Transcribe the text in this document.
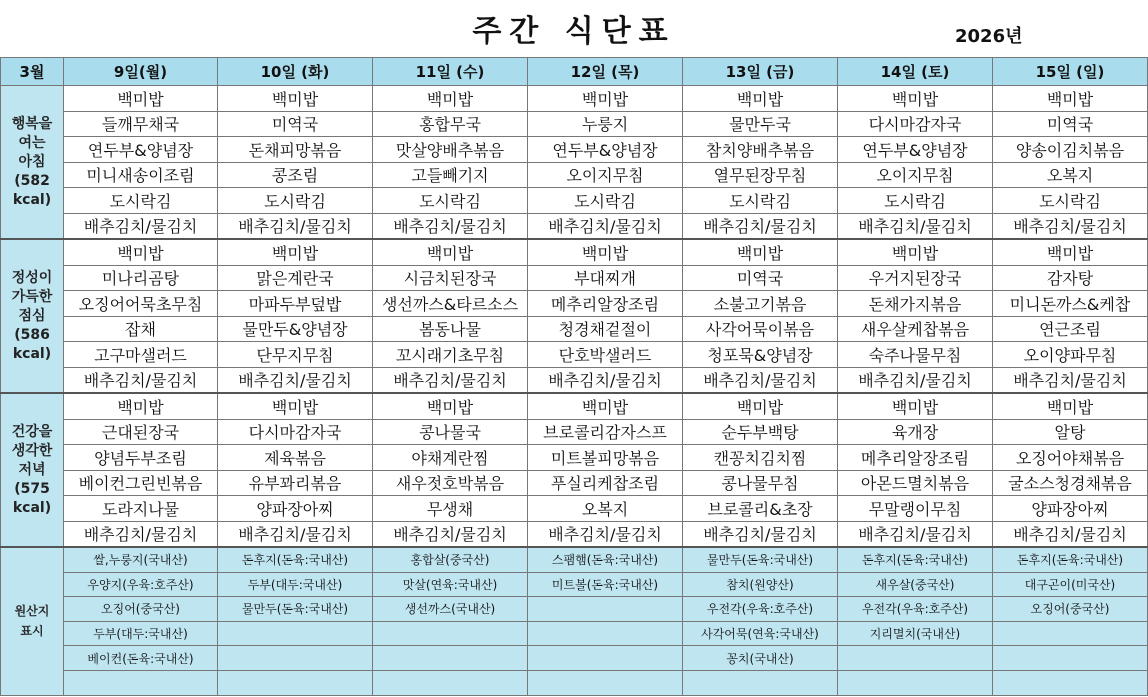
주간 식단표	2026년
3월	9일(월)	10일 (화)	11일 (수)	12일 (목)	13일 (금)	14일 (토)	15일 (일)

행복을
여는
아침
(582
kcal)	백미밥	백미밥	백미밥	백미밥	백미밥	백미밥	백미밥
	들깨무채국	미역국	홍합무국	누룽지	물만두국	다시마감자국	미역국
	연두부&양념장	돈채피망볶음	맛살양배추볶음	연두부&양념장	참치양배추볶음	연두부&양념장	양송이김치볶음
	미니새송이조림	콩조림	고들빼기지	오이지무침	열무된장무침	오이지무침	오복지
	도시락김	도시락김	도시락김	도시락김	도시락김	도시락김	도시락김
	배추김치/물김치	배추김치/물김치	배추김치/물김치	배추김치/물김치	배추김치/물김치	배추김치/물김치	배추김치/물김치

정성이
가득한
점심
(586
kcal)	백미밥	백미밥	백미밥	백미밥	백미밥	백미밥	백미밥
	미나리곰탕	맑은계란국	시금치된장국	부대찌개	미역국	우거지된장국	감자탕
	오징어어묵초무침	마파두부덮밥	생선까스&타르소스	메추리알장조림	소불고기볶음	돈채가지볶음	미니돈까스&케찹
	잡채	물만두&양념장	봄동나물	청경채겉절이	사각어묵이볶음	새우살케찹볶음	연근조림
	고구마샐러드	단무지무침	꼬시래기초무침	단호박샐러드	청포묵&양념장	숙주나물무침	오이양파무침
	배추김치/물김치	배추김치/물김치	배추김치/물김치	배추김치/물김치	배추김치/물김치	배추김치/물김치	배추김치/물김치

건강을
생각한
저녁
(575
kcal)	백미밥	백미밥	백미밥	백미밥	백미밥	백미밥	백미밥
	근대된장국	다시마감자국	콩나물국	브로콜리감자스프	순두부백탕	육개장	알탕
	양념두부조림	제육볶음	야채계란찜	미트볼피망볶음	캔꽁치김치찜	메추리알장조림	오징어야채볶음
	베이컨그린빈볶음	유부꽈리볶음	새우젓호박볶음	푸실리케찹조림	콩나물무침	아몬드멸치볶음	굴소스청경채볶음
	도라지나물	양파장아찌	무생채	오복지	브로콜리&초장	무말랭이무침	양파장아찌
	배추김치/물김치	배추김치/물김치	배추김치/물김치	배추김치/물김치	배추김치/물김치	배추김치/물김치	배추김치/물김치

원산지
표시	쌀,누룽지(국내산)	돈후지(돈육:국내산)	홍합살(중국산)	스팸햄(돈육:국내산)	물만두(돈육:국내산)	돈후지(돈육:국내산)	돈후지(돈육:국내산)
	우양지(우육:호주산)	두부(대두:국내산)	맛살(연육:국내산)	미트볼(돈육:국내산)	참치(원양산)	새우살(중국산)	대구곤이(미국산)
	오징어(중국산)	물만두(돈육:국내산)	생선까스(국내산)		우전각(우육:호주산)	우전각(우육:호주산)	오징어(중국산)
	두부(대두:국내산)				사각어묵(연육:국내산)	지리멸치(국내산)	
	베이컨(돈육:국내산)				꽁치(국내산)		
